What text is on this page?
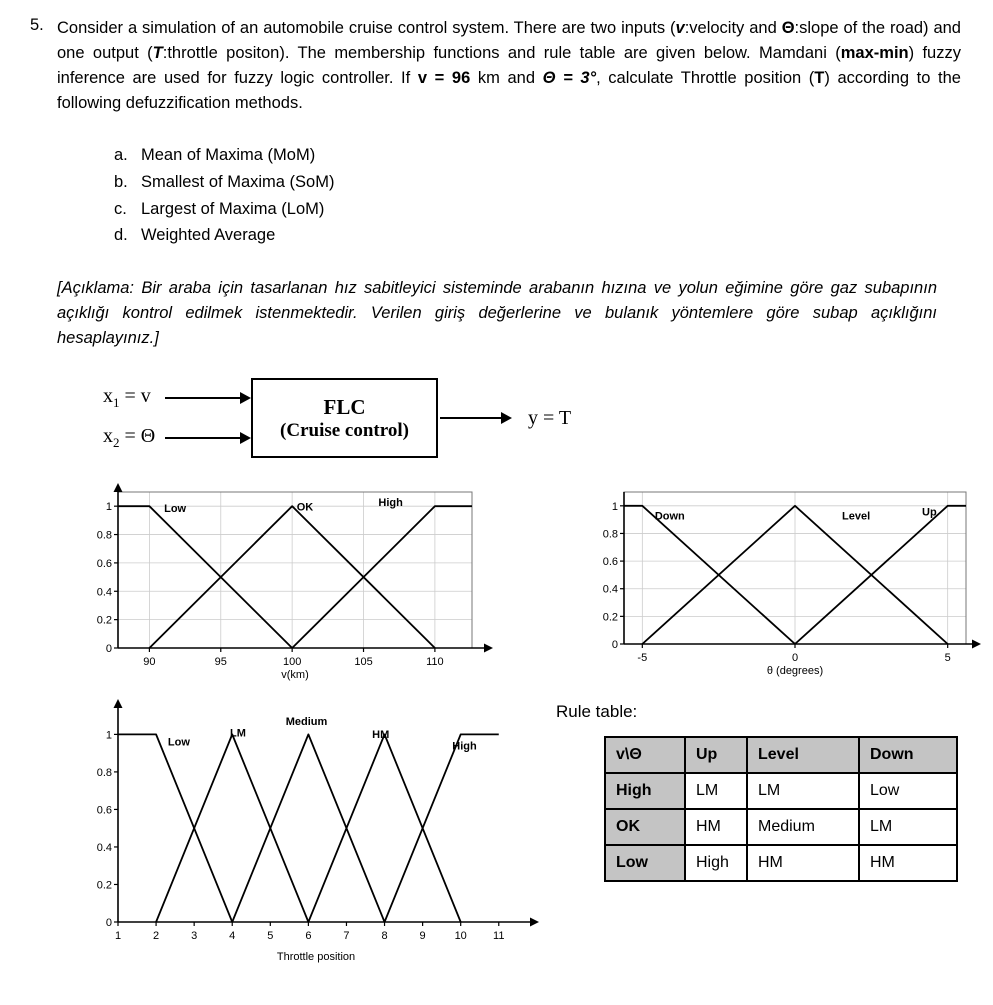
5. Consider a simulation of an automobile cruise control system. There are two inputs (v:velocity and Θ:slope of the road) and one output (T:throttle positon). The membership functions and rule table are given below. Mamdani (max-min) fuzzy inference are used for fuzzy logic controller. If v = 96 km and Θ = 3°, calculate Throttle position (T) according to the following defuzzification methods.

a. Mean of Maxima (MoM)
b. Smallest of Maxima (SoM)
c. Largest of Maxima (LoM)
d. Weighted Average

[Açıklama: Bir araba için tasarlanan hız sabitleyici sisteminde arabanın hızına ve yolun eğimine göre gaz subapının açıklığı kontrol edilmek istenmektedir. Verilen giriş değerlerine ve bulanık yöntemlere göre subap açıklığını hesaplayınız.]

$x_1 = v$
$x_2 = \Theta$
FLC
(Cruise control)
y = T
90	95	100	105	110
0
0.2
0.4
0.6
0.8
1	Low	OK	High
v(km)
-5	0	5
0
0.2
0.4
0.6
0.8
1
Down	Level	Up
θ (degrees)
1	2	3	4	5	6	7	8	9	10 11
0
0.2
0.4
0.6
0.8
1
Low
LM
Medium
HM
High
Throttle position
Rule table:
v\Θ	Up	Level	Down
High	LM	LM	Low
OK	HM	Medium	LM
Low	High	HM	HM
